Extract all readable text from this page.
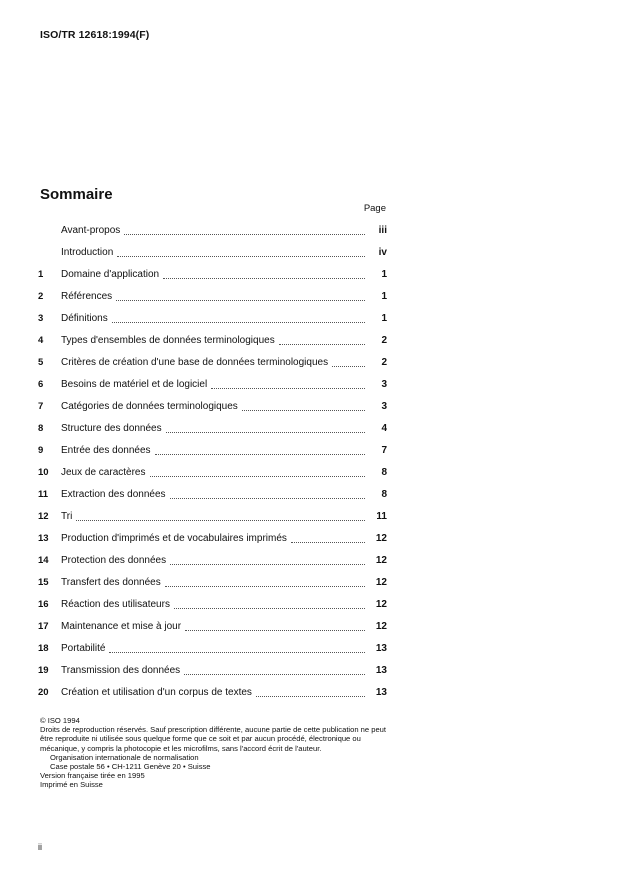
ISO/TR 12618:1994(F)
Sommaire
Page
Avant-propos	iii
Introduction	iv
1	Domaine d'application	1
2	Références	1
3	Définitions	1
4	Types d'ensembles de données terminologiques	2
5	Critères de création d'une base de données terminologiques	2
6	Besoins de matériel et de logiciel	3
7	Catégories de données terminologiques	3
8	Structure des données	4
9	Entrée des données	7
10	Jeux de caractères	8
11	Extraction des données	8
12	Tri	11
13	Production d'imprimés et de vocabulaires imprimés	12
14	Protection des données	12
15	Transfert des données	12
16	Réaction des utilisateurs	12
17	Maintenance et mise à jour	12
18	Portabilité	13
19	Transmission des données	13
20	Création et utilisation d'un corpus de textes	13

© ISO 1994

Droits de reproduction réservés. Sauf prescription différente, aucune partie de cette publication ne peut être reproduite ni utilisée sous quelque forme que ce soit et par aucun procédé, électronique ou mécanique, y compris la photocopie et les microfilms, sans l'accord écrit de l'auteur.

Organisation internationale de normalisation

Case postale 56 • CH-1211 Genève 20 • Suisse

Version française tirée en 1995

Imprimé en Suisse

ii
